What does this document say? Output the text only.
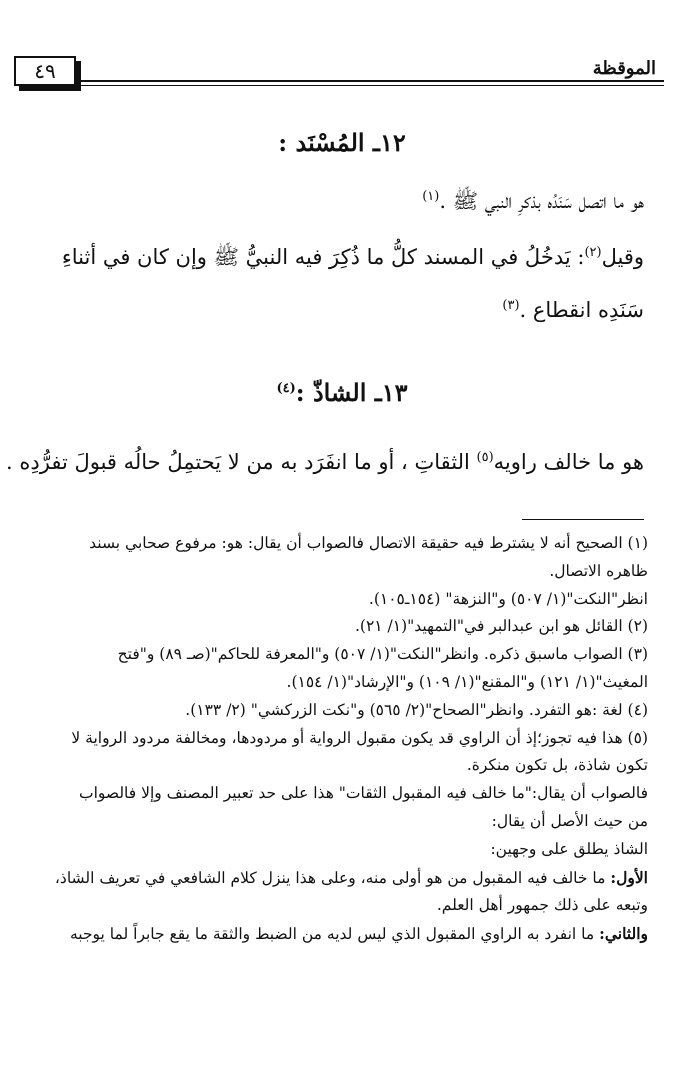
٤٩	الموقظة
١٢ـ المُسْنَد :
هو ما اتصل سَنَدُه بذكرِ النبي ﷺ .$^{(١)}$
وقيل$^{(٢)}$: يَدخُلُ في المسند كلُّ ما ذُكِرَ فيه النبيُّ ﷺ وإن كان في أثناءِ
سَنَدِه انقطاع .$^{(٣)}$
١٣ـ الشاذّ :$^{(٤)}$
هو ما خالف راويه$^{(٥)}$ الثقاتِ ، أو ما انفَرَد به من لا يَحتمِلُ حالُه قبولَ تفرُّدِه .

(١) الصحيح أنه لا يشترط فيه حقيقة الاتصال فالصواب أن يقال: هو: مرفوع صحابي بسند

ظاهره الاتصال.

انظر"النكت"(١/ ٥٠٧) و"النزهة" (١٥٤ـ١٠٥).

(٢) القائل هو ابن عبدالبر في"التمهيد"(١/ ٢١).

(٣) الصواب ماسبق ذكره. وانظر"النكت"(١/ ٥٠٧) و"المعرفة للحاكم"(صـ ٨٩) و"فتح

المغيث"(١/ ١٢١) و"المقنع"(١/ ١٠٩) و"الإرشاد"(١/ ١٥٤).

(٤) لغة :هو التفرد. وانظر"الصحاح"(٢/ ٥٦٥) و"نكت الزركشي" (٢/ ١٣٣).

(٥) هذا فيه تجوز؛إذ أن الراوي قد يكون مقبول الرواية أو مردودها، ومخالفة مردود الرواية لا

تكون شاذة، بل تكون منكرة.

فالصواب أن يقال:"ما خالف فيه المقبول الثقات" هذا على حد تعبير المصنف وإلا فالصواب

من حيث الأصل أن يقال:

الشاذ يطلق على وجهين:

الأول: ما خالف فيه المقبول من هو أولى منه، وعلى هذا ينزل كلام الشافعي في تعريف الشاذ،

وتبعه على ذلك جمهور أهل العلم.

والثاني: ما انفرد به الراوي المقبول الذي ليس لديه من الضبط والثقة ما يقع جابراً لما يوجبه
